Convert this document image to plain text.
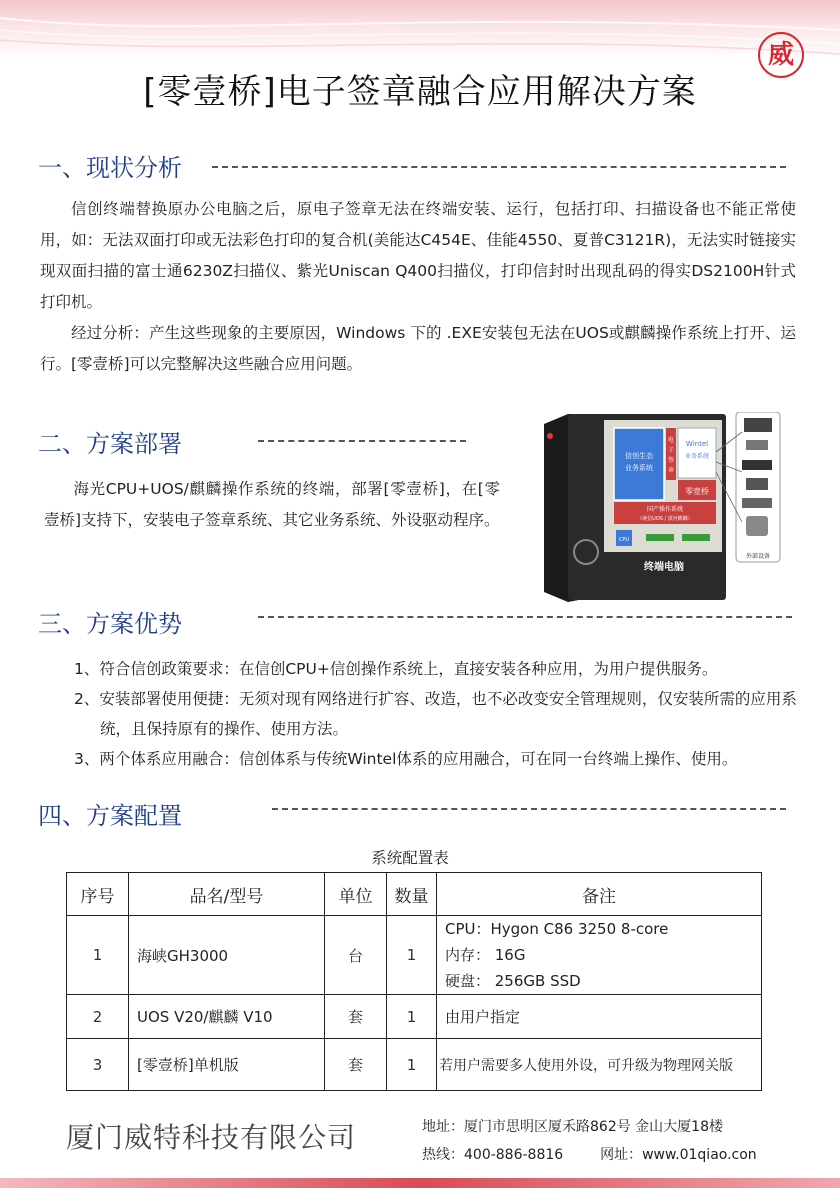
威
[零壹桥]电子签章融合应用解决方案
一、现状分析

信创终端替换原办公电脑之后，原电子签章无法在终端安装、运行，包括打印、扫描设备也不能正常使用，如：无法双面打印或无法彩色打印的复合机(美能达C454E、佳能4550、夏普C3121R)，无法实时链接实现双面扫描的富士通6230Z扫描仪、紫光Uniscan Q400扫描仪，打印信封时出现乱码的得实DS2100H针式打印机。

经过分析：产生这些现象的主要原因，Windows 下的 .EXE安装包无法在UOS或麒麟操作系统上打开、运行。[零壹桥]可以完整解决这些融合应用问题。

二、方案部署

海光CPU+UOS/麒麟操作系统的终端，部署[零壹桥]，在[零壹桥]支持下，安装电子签章系统、其它业务系统、外设驱动程序。

信创生态
业务系统
电
子
签
章
Wintel
业务系统
零壹桥
国产操作系统
（统信UOS / 银河麒麟）
CPU
终端电脑
外部设备
三、方案优势
1、符合信创政策要求：在信创CPU+信创操作系统上，直接安装各种应用，为用户提供服务。
2、安装部署使用便捷：无须对现有网络进行扩容、改造，也不必改变安全管理规则，仅安装所需的应用系统，且保持原有的操作、使用方法。
3、两个体系应用融合：信创体系与传统Wintel体系的应用融合，可在同一台终端上操作、使用。
四、方案配置
系统配置表
序号	品名/型号	单位	数量	备注
1	海峡GH3000	台	1	CPU：Hygon C86 3250 8-core
内存： 16G
硬盘： 256GB SSD

2	UOS V20/麒麟 V10	套	1	由用户指定
3	[零壹桥]单机版	套	1	若用户需要多人使用外设，可升级为物理网关版
厦门威特科技有限公司	地址：厦门市思明区厦禾路862号 金山大厦18楼
热线：400-886-8816	网址：www.01qiao.con
